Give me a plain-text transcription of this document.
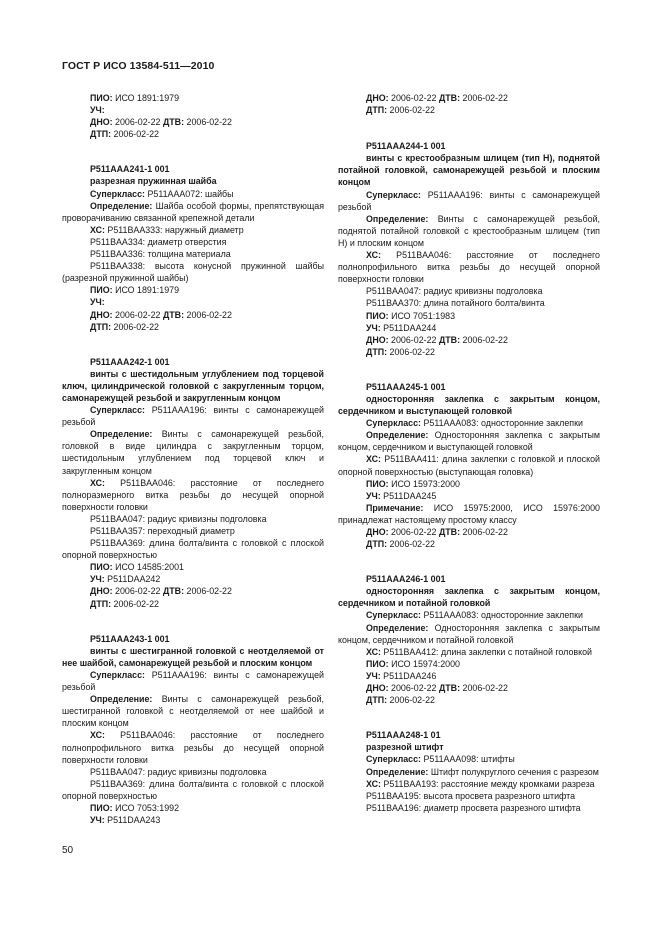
ГОСТ Р ИСО 13584-511—2010

ПИО: ИСО 1891:1979

УЧ:

ДНО: 2006-02-22 ДТВ: 2006-02-22

ДТП: 2006-02-22

P511AAA241-1 001

разрезная пружинная шайба

Суперкласс: P511AAA072: шайбы

Определение: Шайба особой формы, препятствующая проворачиванию связанной крепежной детали

ХС: P511BAA333: наружный диаметр

P511BAA334: диаметр отверстия

P511BAA336: толщина материала

P511BAA338: высота конусной пружинной шайбы (разрезной пружинной шайбы)

ПИО: ИСО 1891:1979

УЧ:

ДНО: 2006-02-22 ДТВ: 2006-02-22

ДТП: 2006-02-22

P511AAA242-1 001

винты с шестидольным углублением под торцевой ключ, цилиндрической головкой с закругленным торцом, самонарежущей резьбой и закругленным концом

Суперкласс: P511AAA196: винты с самонарежущей резьбой

Определение: Винты с самонарежущей резьбой, головкой в виде цилиндра с закругленным торцом, шестидольным углублением под торцевой ключ и закругленным концом

ХС: P511BAA046: расстояние от последнего полноразмерного витка резьбы до несущей опорной поверхности головки

P511BAA047: радиус кривизны подголовка

P511BAA357: переходный диаметр

P511BAA369: длина болта/винта с головкой с плоской опорной поверхностью

ПИО: ИСО 14585:2001

УЧ: P511DAA242

ДНО: 2006-02-22 ДТВ: 2006-02-22

ДТП: 2006-02-22

P511AAA243-1 001

винты с шестигранной головкой с неотделяемой от нее шайбой, самонарежущей резьбой и плоским концом

Суперкласс: P511AAA196: винты с самонарежущей резьбой

Определение: Винты с самонарежущей резьбой, шестигранной головкой с неотделяемой от нее шайбой и плоским концом

ХС: P511BAA046: расстояние от последнего полнопрофильного витка резьбы до несущей опорной поверхности головки

P511BAA047: радиус кривизны подголовка

P511BAA369: длина болта/винта с головкой с плоской опорной поверхностью

ПИО: ИСО 7053:1992

УЧ: P511DAA243

ДНО: 2006-02-22 ДТВ: 2006-02-22

ДТП: 2006-02-22

P511AAA244-1 001

винты с крестообразным шлицем (тип H), поднятой потайной головкой, самонарежущей резьбой и плоским концом

Суперкласс: P511AAA196: винты с самонарежущей резьбой

Определение: Винты с самонарежущей резьбой, поднятой потайной головкой с крестообразным шлицем (тип H) и плоским концом

ХС: P511BAA046: расстояние от последнего полнопрофильного витка резьбы до несущей опорной поверхности головки

P511BAA047: радиус кривизны подголовка

P511BAA370: длина потайного болта/винта

ПИО: ИСО 7051:1983

УЧ: P511DAA244

ДНО: 2006-02-22 ДТВ: 2006-02-22

ДТП: 2006-02-22

P511AAA245-1 001

односторонняя заклепка с закрытым концом, сердечником и выступающей головкой

Суперкласс: P511AAA083: односторонние заклепки

Определение: Односторонняя заклепка с закрытым концом, сердечником и выступающей головкой

ХС: P511BAA411: длина заклепки с головкой и плоской опорной поверхностью (выступающая головка)

ПИО: ИСО 15973:2000

УЧ: P511DAA245

Примечание: ИСО 15975:2000, ИСО 15976:2000 принадлежат настоящему простому классу

ДНО: 2006-02-22 ДТВ: 2006-02-22

ДТП: 2006-02-22

P511AAA246-1 001

односторонняя заклепка с закрытым концом, сердечником и потайной головкой

Суперкласс: P511AAA083: односторонние заклепки

Определение: Односторонняя заклепка с закрытым концом, сердечником и потайной головкой

ХС: P511BAA412: длина заклепки с потайной головкой

ПИО: ИСО 15974:2000

УЧ: P511DAA246

ДНО: 2006-02-22 ДТВ: 2006-02-22

ДТП: 2006-02-22

P511AAA248-1 01

разрезной штифт

Суперкласс: P511AAA098: штифты

Определение: Штифт полукруглого сечения с разрезом

ХС: P511BAA193: расстояние между кромками разреза

P511BAA195: высота просвета разрезного штифта

P511BAA196: диаметр просвета разрезного штифта

50
